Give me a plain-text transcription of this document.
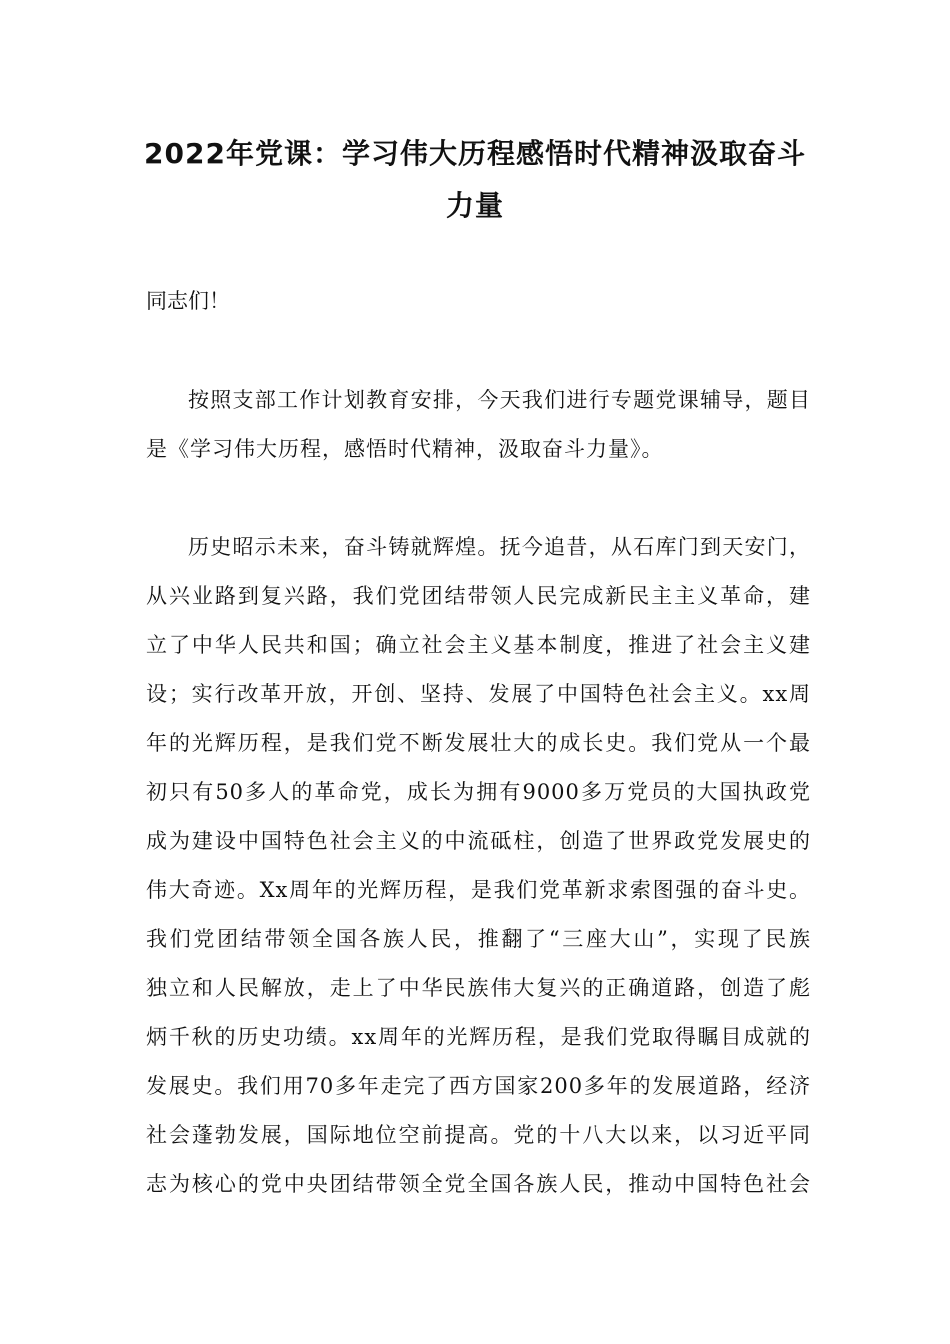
2022年党课：学习伟大历程感悟时代精神汲取奋斗
力量
同志们！
按照支部工作计划教育安排，今天我们进行专题党课辅导，题目
是《学习伟大历程，感悟时代精神，汲取奋斗力量》。
历史昭示未来，奋斗铸就辉煌。抚今追昔，从石库门到天安门，
从兴业路到复兴路，我们党团结带领人民完成新民主主义革命，建
立了中华人民共和国；确立社会主义基本制度，推进了社会主义建
设；实行改革开放，开创、坚持、发展了中国特色社会主义。xx周
年的光辉历程，是我们党不断发展壮大的成长史。我们党从一个最
初只有50多人的革命党，成长为拥有9000多万党员的大国执政党
成为建设中国特色社会主义的中流砥柱，创造了世界政党发展史的
伟大奇迹。Xx周年的光辉历程，是我们党革新求索图强的奋斗史。
我们党团结带领全国各族人民，推翻了“三座大山”，实现了民族
独立和人民解放，走上了中华民族伟大复兴的正确道路，创造了彪
炳千秋的历史功绩。xx周年的光辉历程，是我们党取得瞩目成就的
发展史。我们用70多年走完了西方国家200多年的发展道路，经济
社会蓬勃发展，国际地位空前提高。党的十八大以来，以习近平同
志为核心的党中央团结带领全党全国各族人民，推动中国特色社会
